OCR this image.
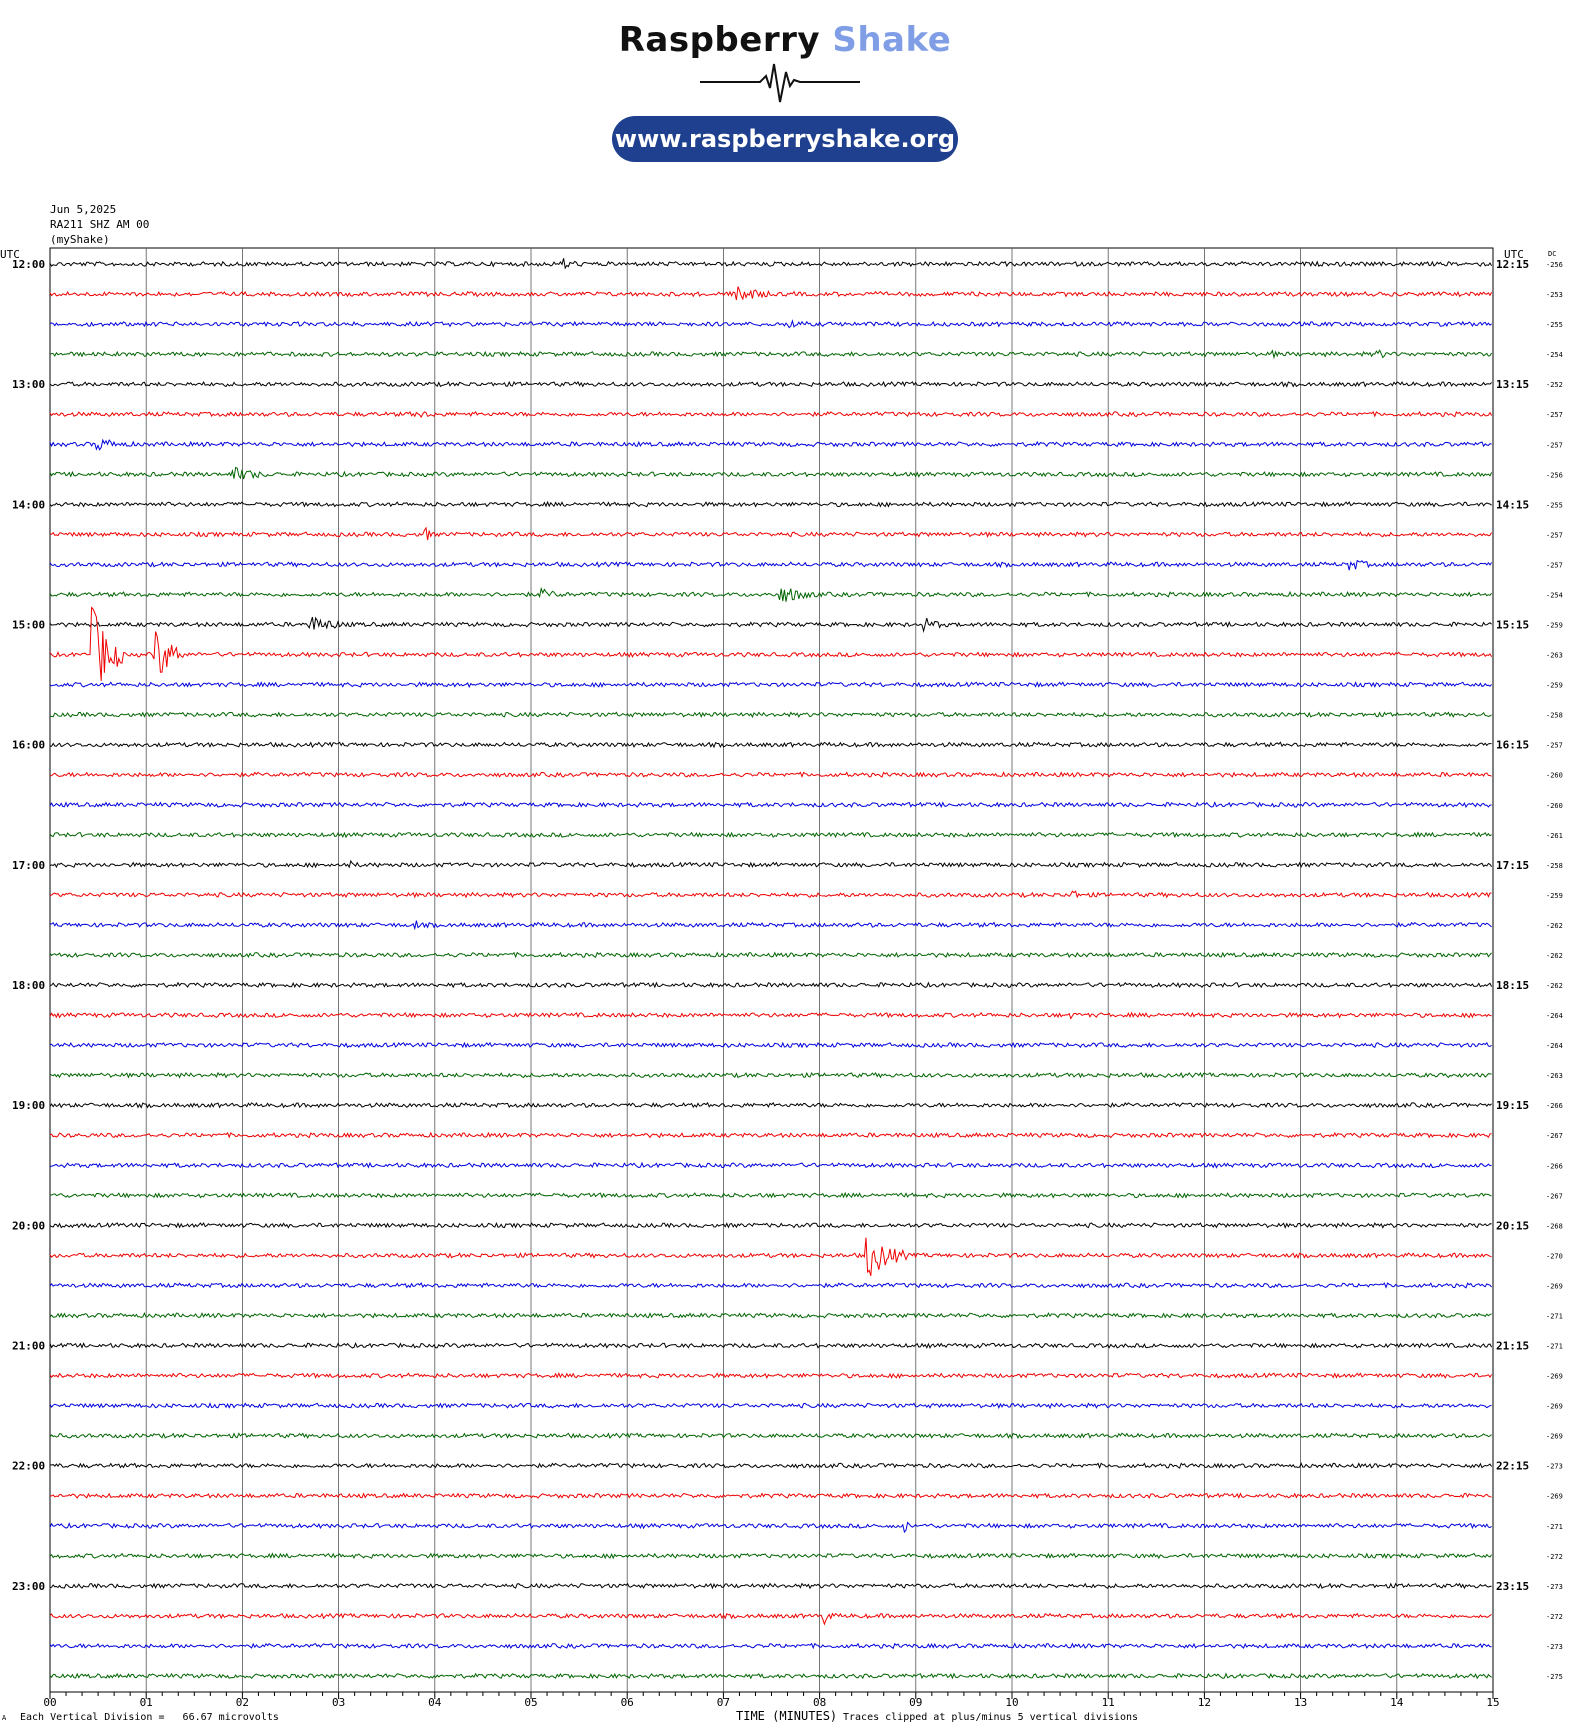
Raspberry Shake
www.raspberryshake.org
Jun 5,2025
RA211 SHZ AM 00
(myShake)
UTC	UTC	DC
12:00
13:00
14:00
15:00
16:00
17:00
18:00
19:00
20:00
21:00
22:00
23:00
12:15
13:15
14:15
15:15
16:15
17:15
18:15
19:15
20:15
21:15
22:15
23:15
-256
-253
-255
-254
-252
-257
-257
-256
-255
-257
-257
-254
-259
-263
-259
-258
-257
-260
-260
-261
-258
-259
-262
-262
-262
-264
-264
-263
-266
-267
-266
-267
-268
-270
-269
-271
-271
-269
-269
-269
-273
-269
-271
-272
-273
-272
-273
-275
00	01	02	03	04	05	06	07	08	09	10	11	12	13	14	15
A Each Vertical Division =   66.67 microvolts	TIME (MINUTES) Traces clipped at plus/minus 5 vertical divisions
